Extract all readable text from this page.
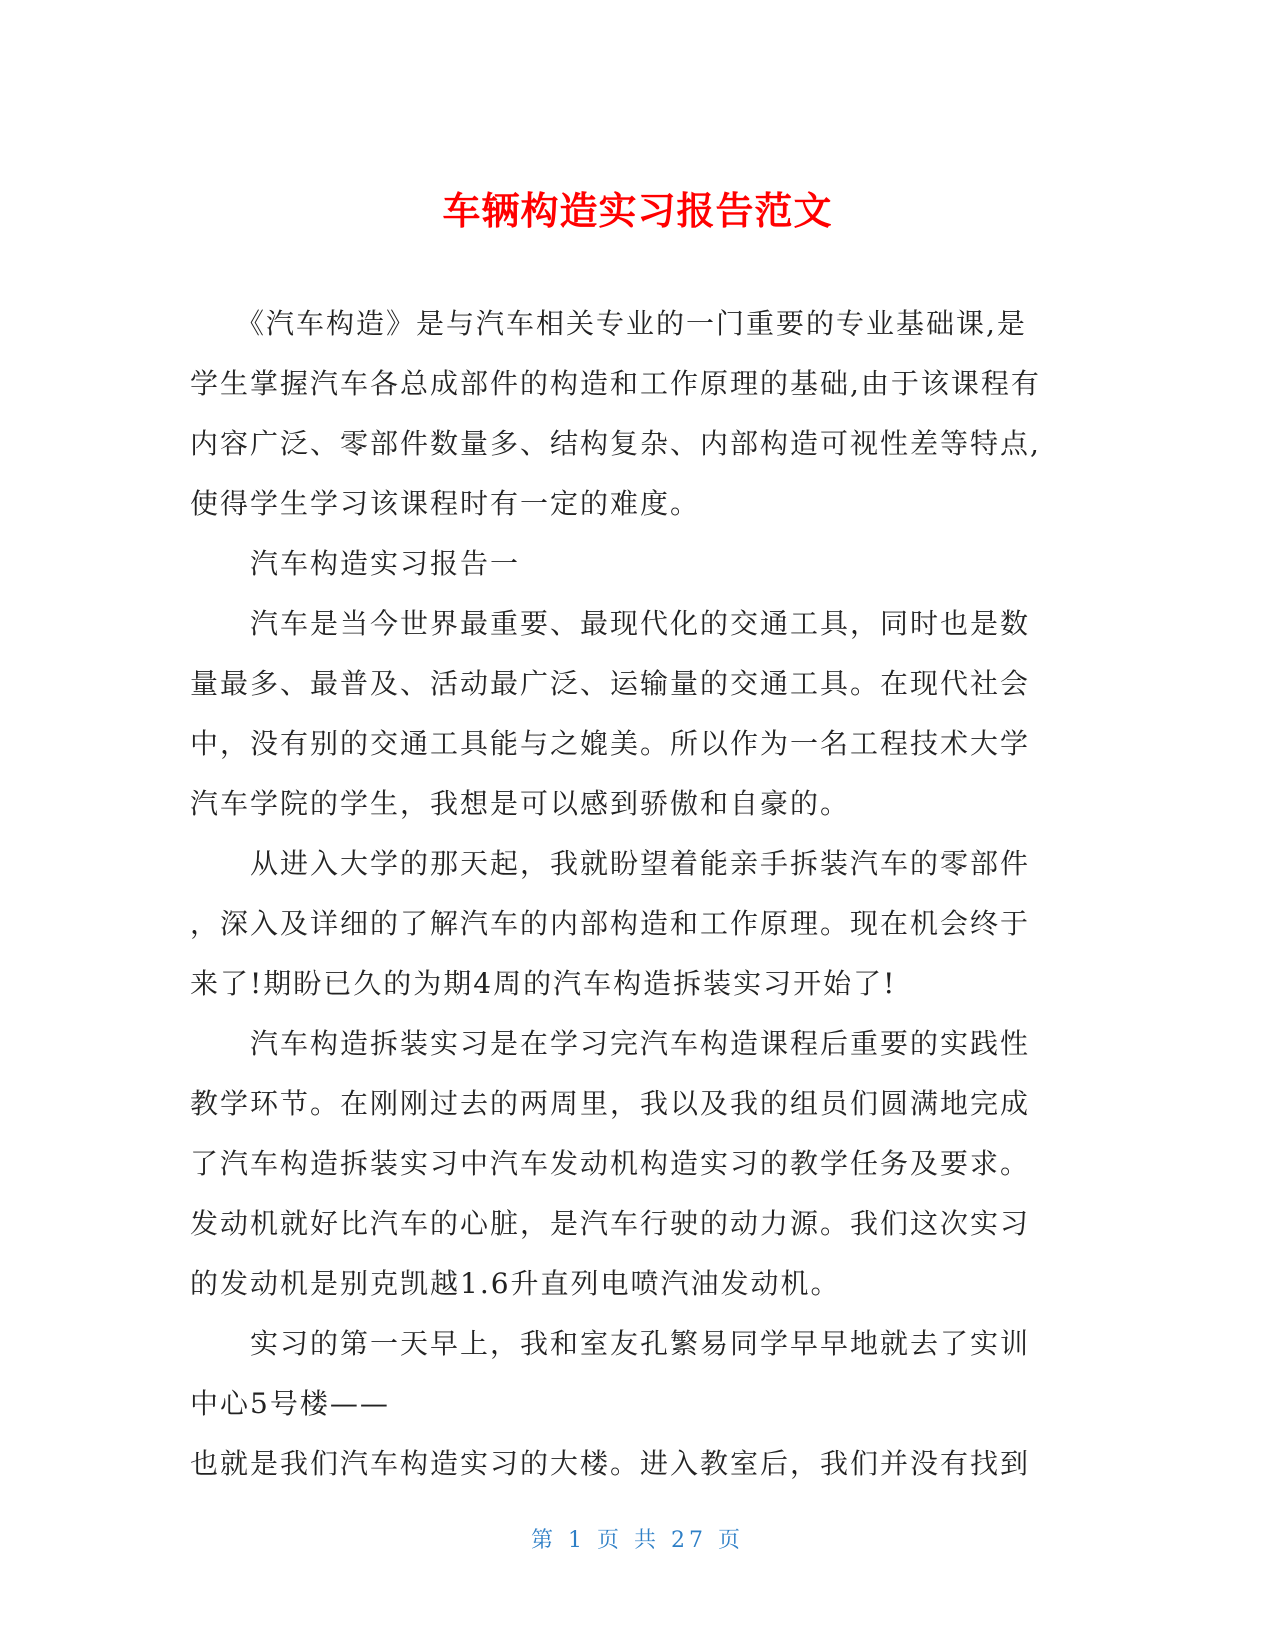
车辆构造实习报告范文

　　《汽车构造》是与汽车相关专业的一门重要的专业基础课,是
学生掌握汽车各总成部件的构造和工作原理的基础,由于该课程有
内容广泛、零部件数量多、结构复杂、内部构造可视性差等特点,
使得学生学习该课程时有一定的难度。

　　汽车构造实习报告一

　　汽车是当今世界最重要、最现代化的交通工具，同时也是数
量最多、最普及、活动最广泛、运输量的交通工具。在现代社会
中，没有别的交通工具能与之媲美。所以作为一名工程技术大学
汽车学院的学生，我想是可以感到骄傲和自豪的。

　　从进入大学的那天起，我就盼望着能亲手拆装汽车的零部件
，深入及详细的了解汽车的内部构造和工作原理。现在机会终于
来了!期盼已久的为期4周的汽车构造拆装实习开始了!

　　汽车构造拆装实习是在学习完汽车构造课程后重要的实践性
教学环节。在刚刚过去的两周里，我以及我的组员们圆满地完成
了汽车构造拆装实习中汽车发动机构造实习的教学任务及要求。
发动机就好比汽车的心脏，是汽车行驶的动力源。我们这次实习
的发动机是别克凯越1.6升直列电喷汽油发动机。

　　实习的第一天早上，我和室友孔繁易同学早早地就去了实训
中心5号楼——
也就是我们汽车构造实习的大楼。进入教室后，我们并没有找到

第 1 页 共 27 页
